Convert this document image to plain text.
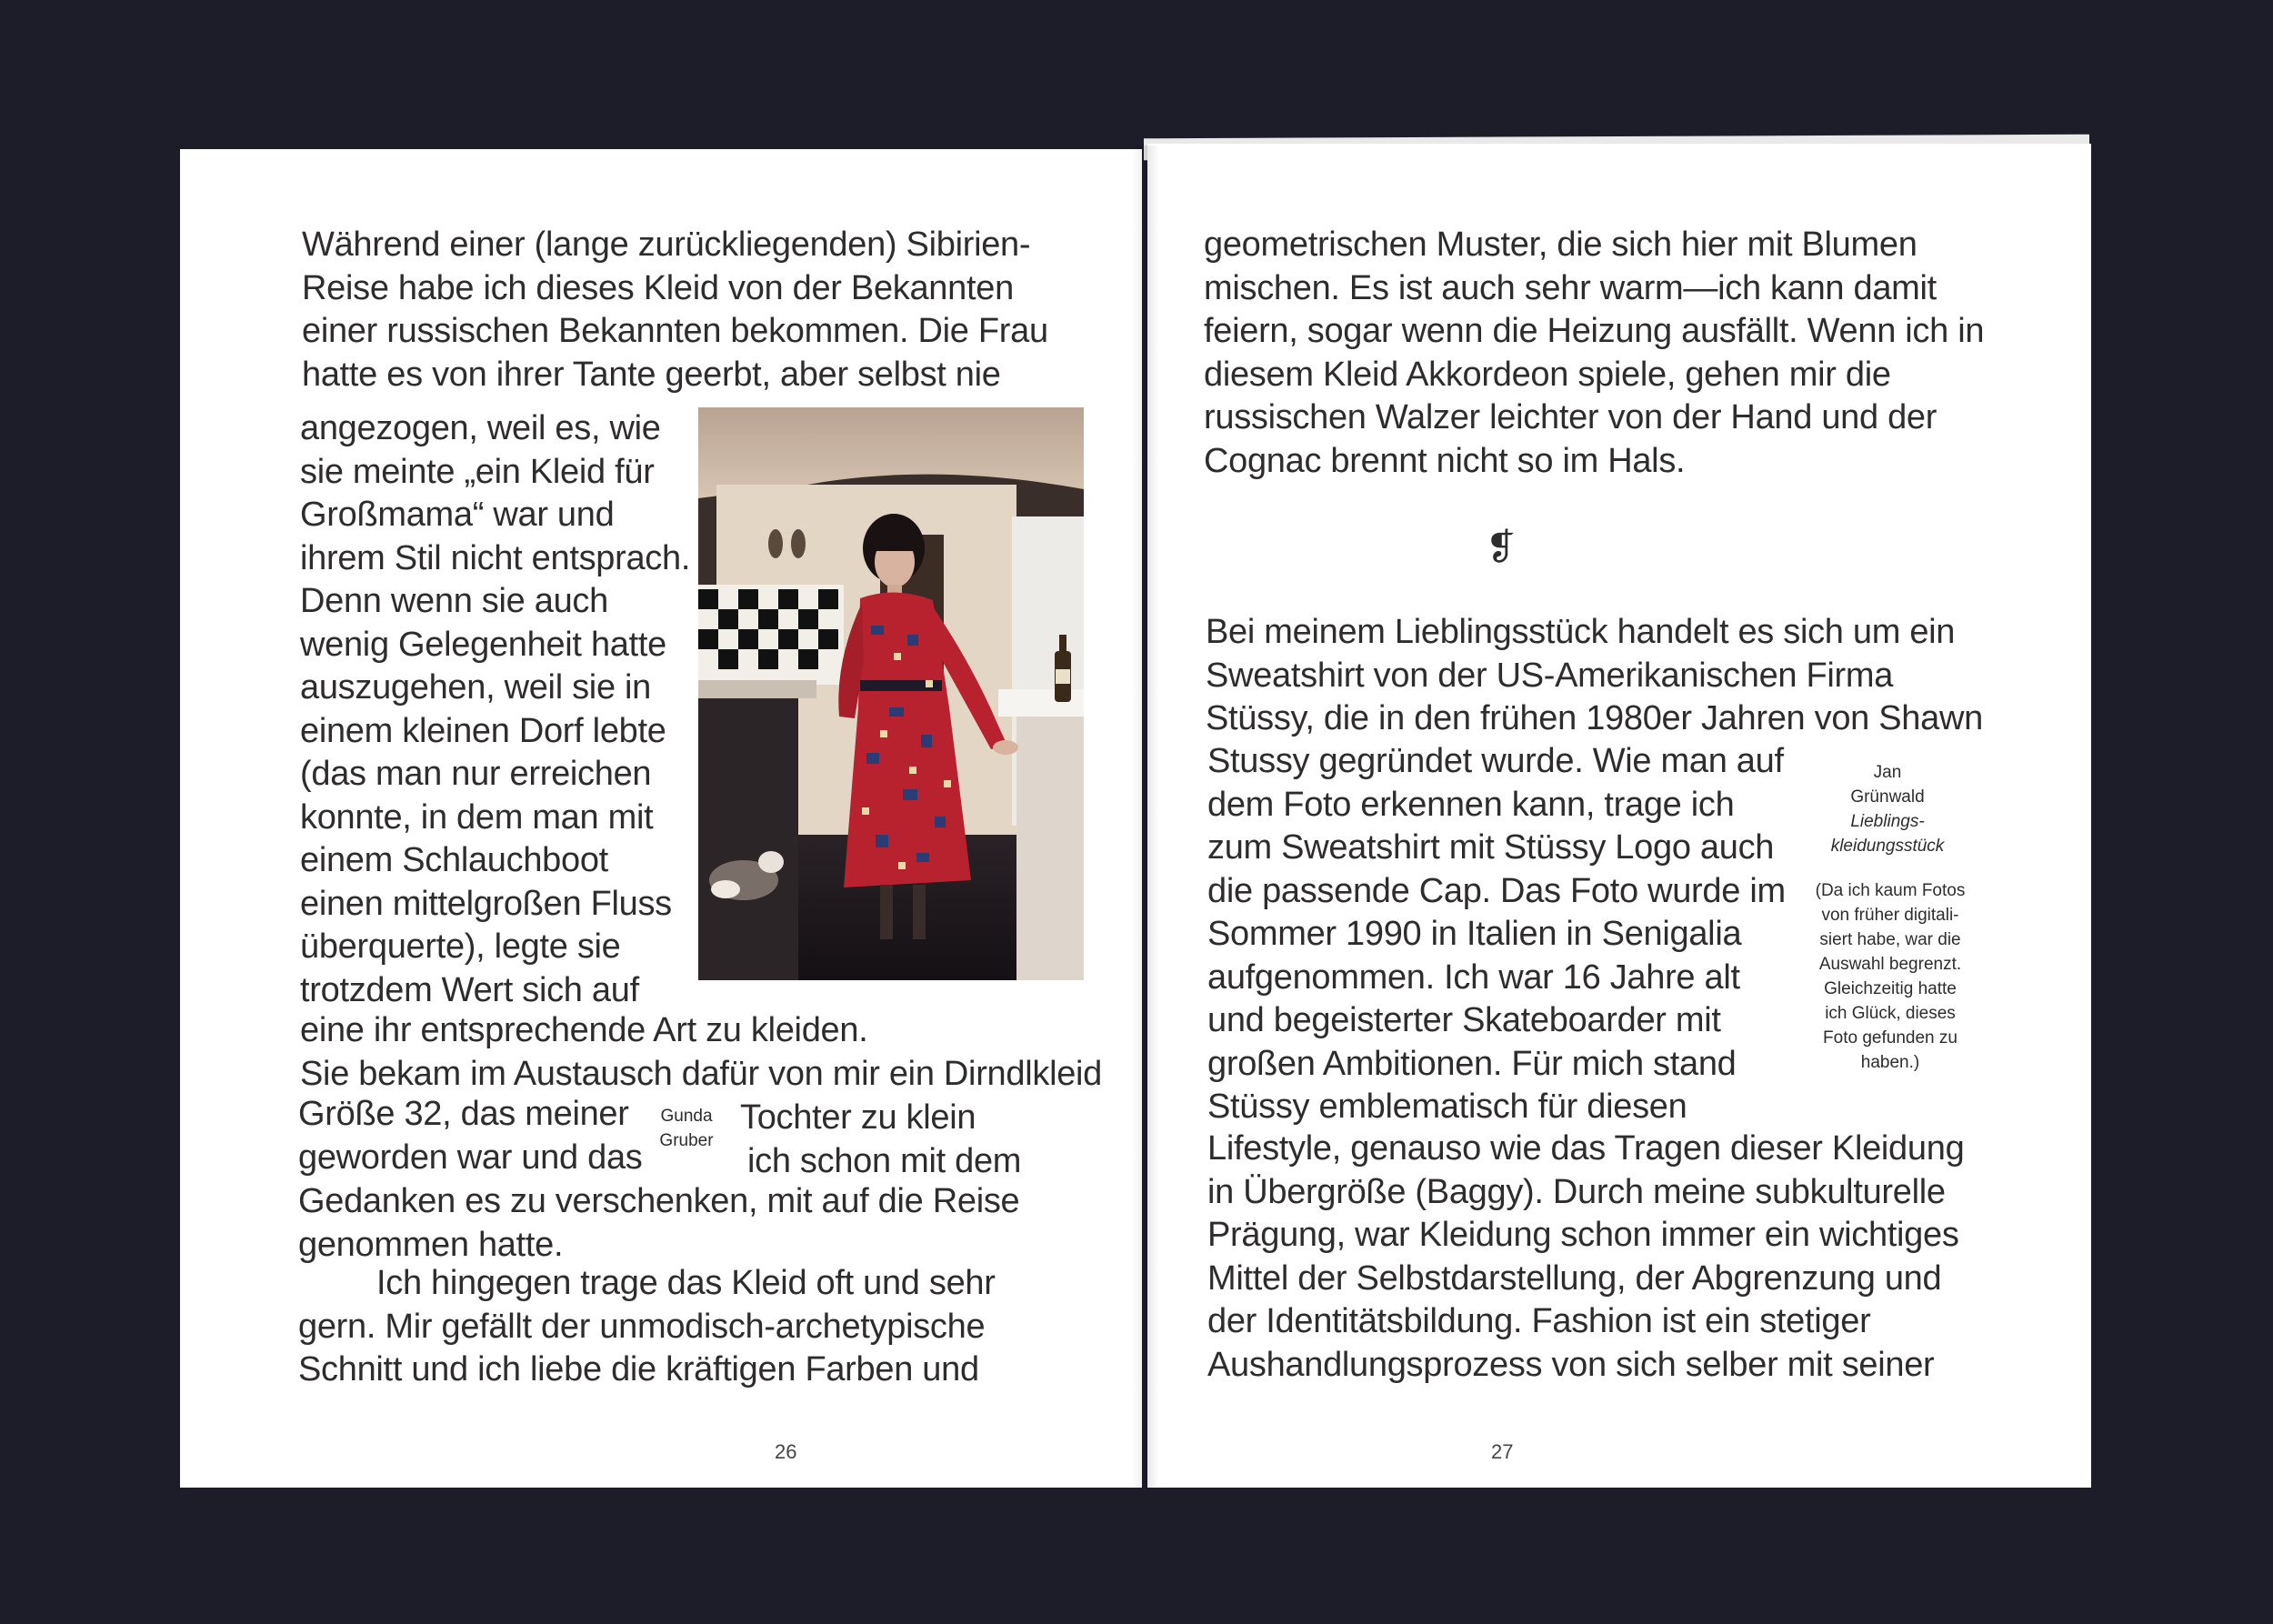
Während einer (lange zurückliegenden) Sibirien-
Reise habe ich dieses Kleid von der Bekannten
einer russischen Bekannten bekommen. Die Frau
hatte es von ihrer Tante geerbt, aber selbst nie
angezogen, weil es, wie
sie meinte „ein Kleid für
Großmama“ war und
ihrem Stil nicht entsprach.
Denn wenn sie auch
wenig Gelegenheit hatte
auszugehen, weil sie in
einem kleinen Dorf lebte
(das man nur erreichen
konnte, in dem man mit
einem Schlauchboot
einen mittelgroßen Fluss
überquerte), legte sie
trotzdem Wert sich auf
eine ihr entsprechende Art zu kleiden.
Sie bekam im Austausch dafür von mir ein Dirndlkleid
Größe 32, das meiner	Tochter zu klein
geworden war und das	ich schon mit dem
Gunda
Gruber
Gedanken es zu verschenken, mit auf die Reise
genommen hatte.
Ich hingegen trage das Kleid oft und sehr
gern. Mir gefällt der unmodisch-archetypische
Schnitt und ich liebe die kräftigen Farben und
26
geometrischen Muster, die sich hier mit Blumen
mischen. Es ist auch sehr warm—ich kann damit
feiern, sogar wenn die Heizung ausfällt. Wenn ich in
diesem Kleid Akkordeon spiele, gehen mir die
russischen Walzer leichter von der Hand und der
Cognac brennt nicht so im Hals.
❡
Bei meinem Lieblingsstück handelt es sich um ein
Sweatshirt von der US-Amerikanischen Firma
Stüssy, die in den frühen 1980er Jahren von Shawn
Stussy gegründet wurde. Wie man auf
dem Foto erkennen kann, trage ich
zum Sweatshirt mit Stüssy Logo auch
die passende Cap. Das Foto wurde im
Sommer 1990 in Italien in Senigalia
aufgenommen. Ich war 16 Jahre alt
und begeisterter Skateboarder mit
großen Ambitionen. Für mich stand
Stüssy emblematisch für diesen
Jan
Grünwald
Lieblings-
kleidungsstück
(Da ich kaum Fotos
von früher digitali-
siert habe, war die
Auswahl begrenzt.
Gleichzeitig hatte
ich Glück, dieses
Foto gefunden zu
haben.)
Lifestyle, genauso wie das Tragen dieser Kleidung
in Übergröße (Baggy). Durch meine subkulturelle
Prägung, war Kleidung schon immer ein wichtiges
Mittel der Selbstdarstellung, der Abgrenzung und
der Identitätsbildung. Fashion ist ein stetiger
Aushandlungsprozess von sich selber mit seiner
27
